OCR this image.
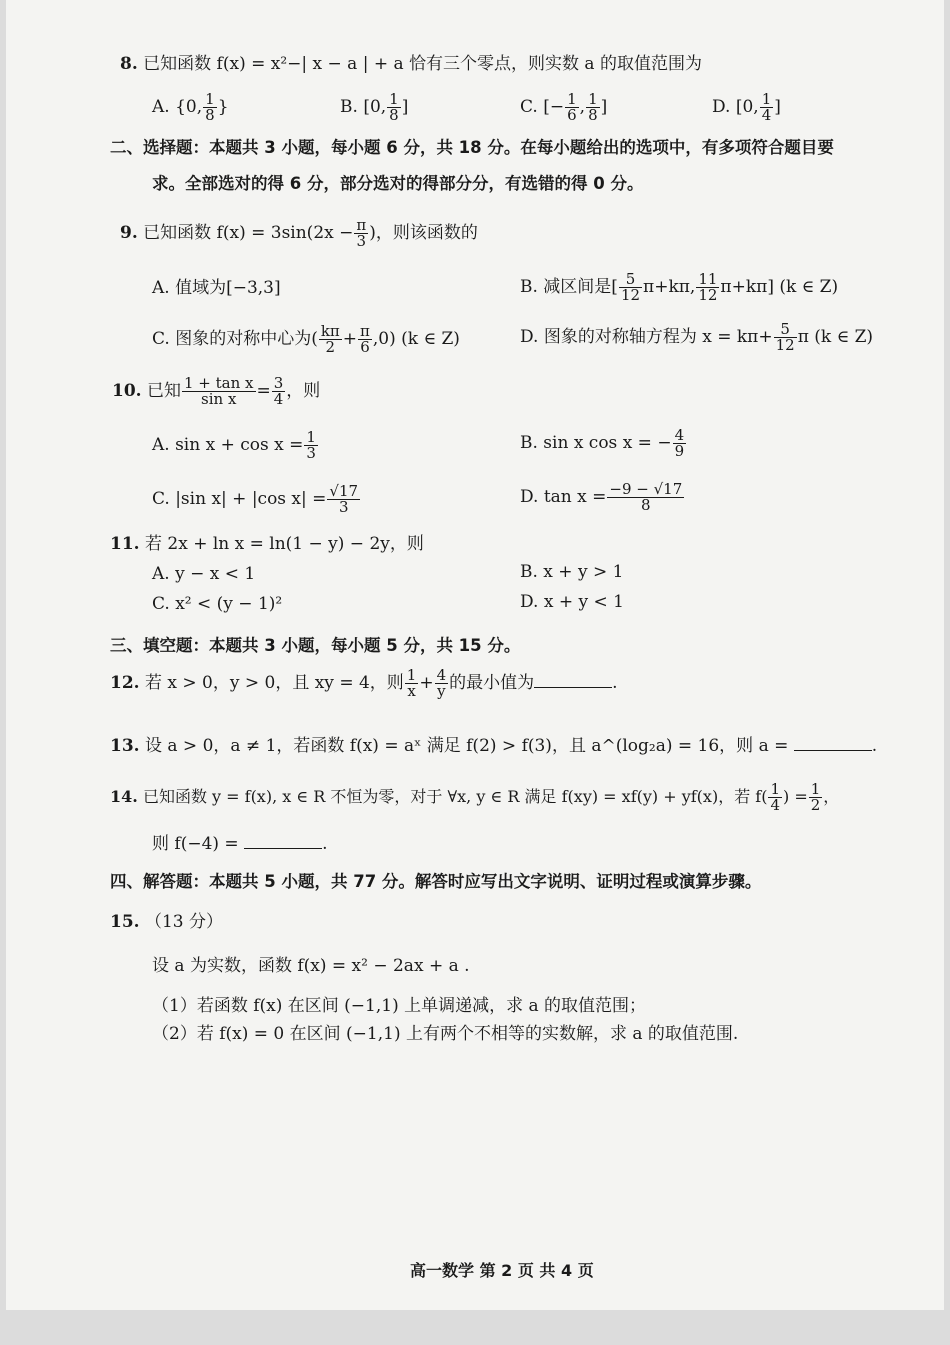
8. 已知函数 f(x) = x²−| x − a | + a 恰有三个零点，则实数 a 的取值范围为
A. {0, $\frac{1}{8}$ }	B. [0, $\frac{1}{8}$ ]	C. [− $\frac{1}{6}$ , $\frac{1}{8}$ ]	D. [0, $\frac{1}{4}$ ]
二、选择题：本题共 3 小题，每小题 6 分，共 18 分。在每小题给出的选项中，有多项符合题目要
求。全部选对的得 6 分，部分选对的得部分分，有选错的得 0 分。
9. 已知函数 $f(x) = 3\sin(2x - \frac{\pi}{3}$ )，则该函数的
A. 值域为[−3,3]	B. 减区间是[ $\frac{5}{12} \pi+k\pi$, $\frac{11}{12} \pi+k\pi$] (k ∈ Z)
C. 图象的对称中心为( $\frac{k\pi}{2} + \frac{\pi}{6} ,0$) (k ∈ Z)	D. 图象的对称轴方程为 $x = k\pi+ \frac{5}{12}$ π (k ∈ Z)
10. 已知 $\frac{\text{1 + tan x}}{\text{sin x}} = \frac{3}{4}$ ，则
A. $\sin x + \cos x = \frac{1}{3}$	B. sin x cos x = − $\frac{4}{9}$
C. |sin x| + |cos $x| = \frac{√17}{3}$	D. $\tan x = \frac{-9 - √17}{8}$
11. 若 2x + ln x = ln(1 − y) − 2y，则
A. y − x < 1	B. x + y > 1
C. x² < (y − 1)²	D. x + y < 1
三、填空题：本题共 3 小题，每小题 5 分，共 15 分。
12. 若 x > 0，y > 0，且 xy = 4，则 $\frac{1}{x} + \frac{4}{y}$ 的最小值为	.
13. 设 a > 0，a ≠ 1，若函数 f(x) = aˣ 满足 f(2) > f(3)，且 a^(log₂a) = 16，则 a =	.
14. 已知函数 y = f(x), x ∈ R 不恒为零，对于 ∀x, y ∈ R 满足 f(xy) = xf(y) + yf(x)，若 $f( \frac{1}{4}$ ) = $\frac{1}{2}$ ，
则 f(−4) =	.
四、解答题：本题共 5 小题，共 77 分。解答时应写出文字说明、证明过程或演算步骤。
15. （13 分）
设 a 为实数，函数 f(x) = x² − 2ax + a .
（1）若函数 f(x) 在区间 (−1,1) 上单调递减，求 a 的取值范围；
（2）若 f(x) = 0 在区间 (−1,1) 上有两个不相等的实数解，求 a 的取值范围.
高一数学 第 2 页 共 4 页
